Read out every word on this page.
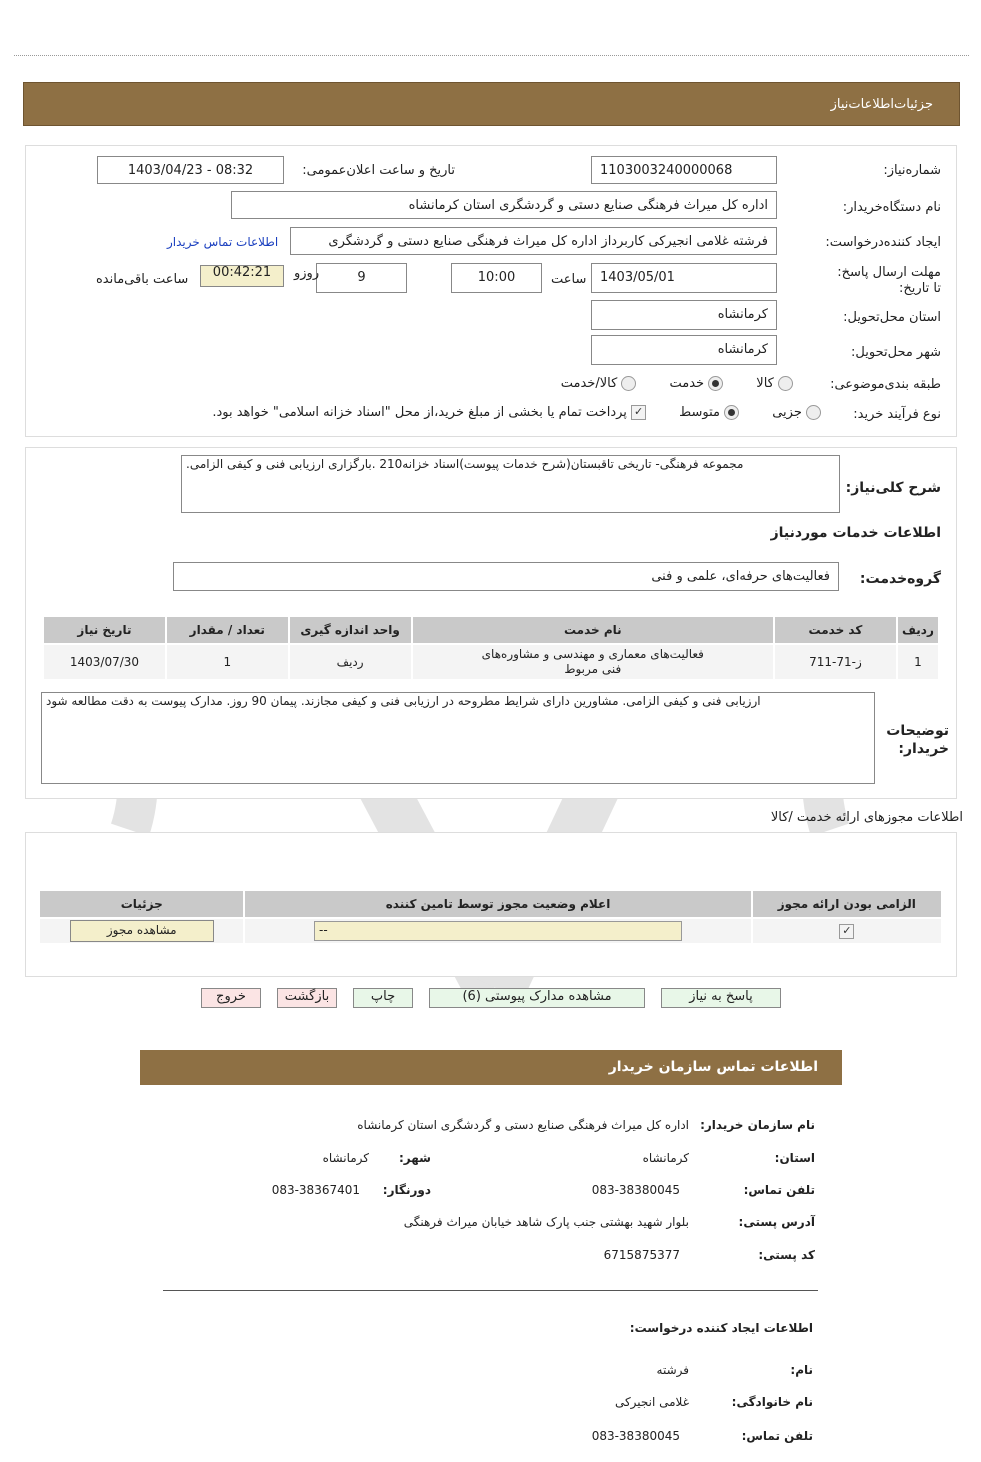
جزئیات‌اطلاعات‌نیاز
شماره‌نیاز:
1103003240000068
تاریخ و ساعت اعلان‌عمومی:
1403/04/23 - 08:32
نام دستگاه‌خریدار:
اداره کل میراث فرهنگی صنایع دستی و گردشگری استان کرمانشاه
ایجاد کننده‌درخواست:
فرشته غلامی انجیرکی کاربرداز اداره کل میراث فرهنگی صنایع دستی و گردشگری
اطلاعات تماس خریدار
مهلت ارسال پاسخ: تا تاریخ:
1403/05/01
ساعت
10:00
9
روزو
00:42:21
ساعت باقی‌مانده
استان محل‌تحویل:
کرمانشاه
شهر محل‌تحویل:
کرمانشاه
طبقه بندی‌موضوعی:
کالا         خدمت         کالا/خدمت
نوع فرآیند خرید:
جزیی         متوسط        ✓ پرداخت تمام یا بخشی از مبلغ خرید،از محل "اسناد خزانه اسلامی" خواهد بود.
شرح کلی‌نیاز:
مجموعه فرهنگی- تاریخی تاقبستان(شرح خدمات پیوست)اسناد خزانه210 .بارگزاری ارزیابی فنی و کیفی الزامی.
اطلاعات خدمات مورد‌نیاز
گروه‌خدمت:
فعالیت‌های حرفه‌ای، علمی و فنی
ردیف	کد خدمت	نام خدمت	واحد اندازه گیری	تعداد / مقدار	تاریخ نیاز
1	ز-71-711	فعالیت‌های معماری و مهندسی و مشاوره‌های فنی مربوط	ردیف	1	1403/07/30
توضیحات خریدار:
ارزیابی فنی و کیفی الزامی. مشاورین دارای شرایط مطروحه در ارزیابی فنی و کیفی مجازند. پیمان 90 روز. مدارک پیوست به دقت مطالعه شود
اطلاعات مجوزهای ارائه خدمت /کالا
الزامی بودن ارائه مجوز	اعلام وضعیت مجوز توسط تامین کننده	جزئیات
✓	--	مشاهده مجوز
پاسخ به نیاز
مشاهده مدارک پیوستی (6)
چاپ
بازگشت
خروج
اطلاعات تماس سازمان خریدار
نام سازمان خریدار:
اداره کل میراث فرهنگی صنایع دستی و گردشگری استان کرمانشاه
استان:
کرمانشاه
شهر:
کرمانشاه
تلفن تماس:
083-38380045
دورنگار:
083-38367401
آدرس پستی:
بلوار شهید بهشتی جنب پارک شاهد خیابان میراث فرهنگی
کد پستی:
6715875377
اطلاعات ایجاد کننده درخواست:
نام:
فرشته
نام خانوادگی:
غلامی انجیرکی
تلفن تماس:
083-38380045
